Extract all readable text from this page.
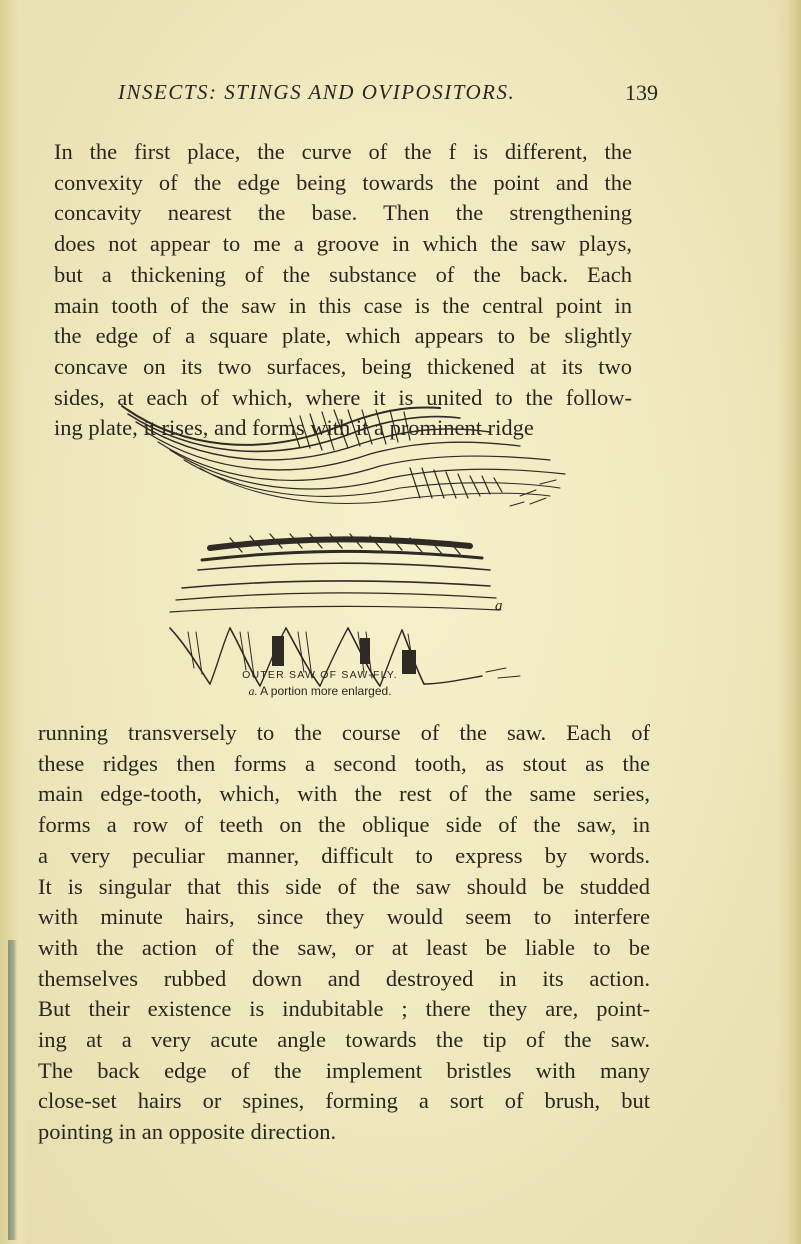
INSECTS: STINGS AND OVIPOSITORS.	139
In the first place, the curve of the f is different, the
convexity of the edge being towards the point and the
concavity nearest the base. Then the strengthening
does not appear to me a groove in which the saw plays,
but a thickening of the substance of the back. Each
main tooth of the saw in this case is the central point in
the edge of a square plate, which appears to be slightly
concave on its two surfaces, being thickened at its two
sides, at each of which, where it is united to the follow-
ing plate, it rises, and forms with it a prominent ridge
a
OUTER SAW OF SAW-FLY.
a. A portion more enlarged.
running transversely to the course of the saw. Each of
these ridges then forms a second tooth, as stout as the
main edge-tooth, which, with the rest of the same series,
forms a row of teeth on the oblique side of the saw, in
a very peculiar manner, difficult to express by words.
It is singular that this side of the saw should be studded
with minute hairs, since they would seem to interfere
with the action of the saw, or at least be liable to be
themselves rubbed down and destroyed in its action.
But their existence is indubitable ; there they are, point-
ing at a very acute angle towards the tip of the saw.
The back edge of the implement bristles with many
close-set hairs or spines, forming a sort of brush, but
pointing in an opposite direction.
